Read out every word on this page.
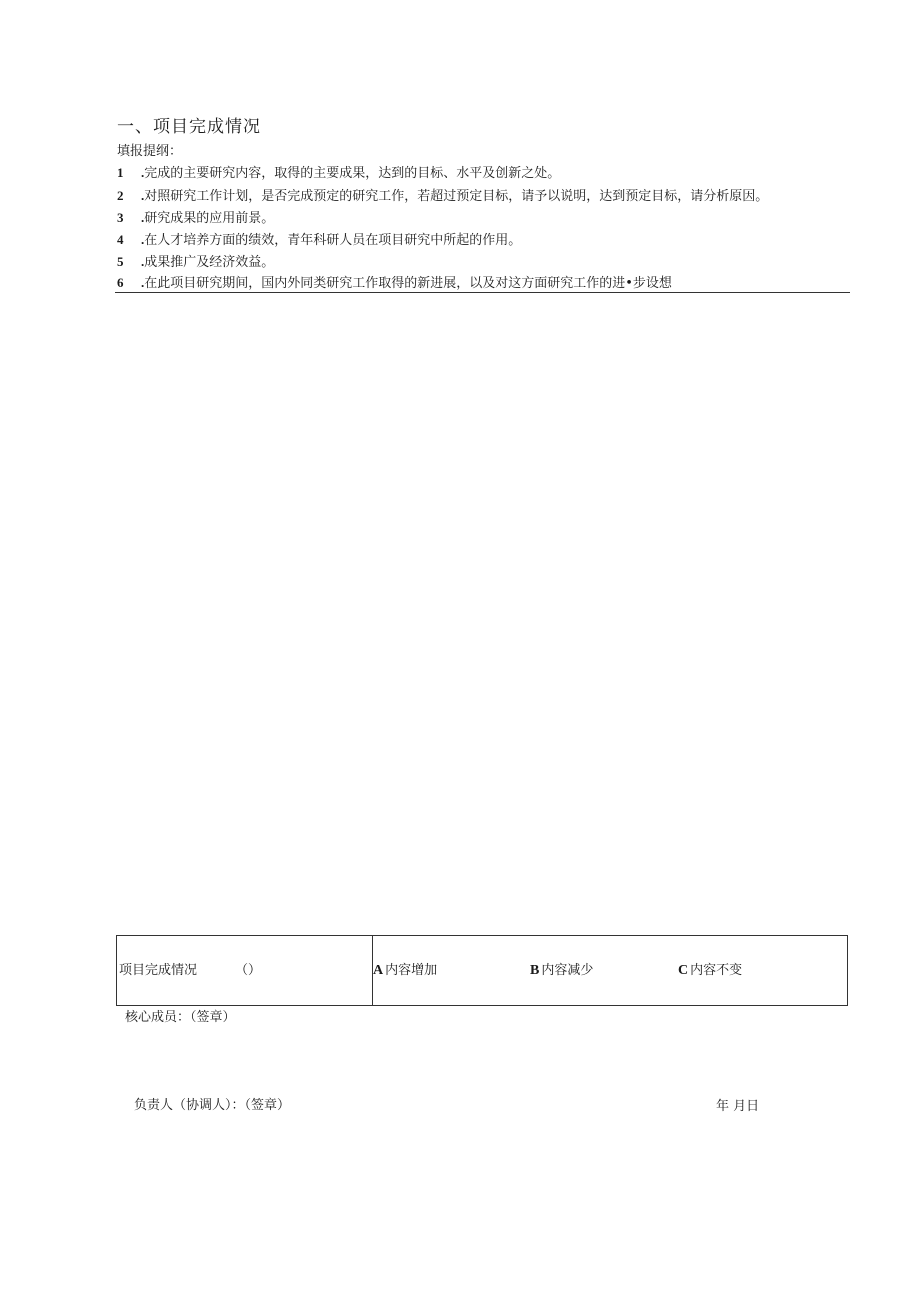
一、项目完成情况
填报提纲：
1 .完成的主要研究内容，取得的主要成果，达到的目标、水平及创新之处。
2 .对照研究工作计划，是否完成预定的研究工作，若超过预定目标，请予以说明，达到预定目标，请分析原因。
3 .研究成果的应用前景。
4 .在人才培养方面的绩效，青年科研人员在项目研究中所起的作用。
5 .成果推广及经济效益。
6 .在此项目研究期间，国内外同类研究工作取得的新进展，以及对这方面研究工作的进•步设想
项目完成情况	（）	A 内容增加	B 内容减少	C 内容不变
核心成员：（签章）
负责人（协调人）：（签章）	年 月日
